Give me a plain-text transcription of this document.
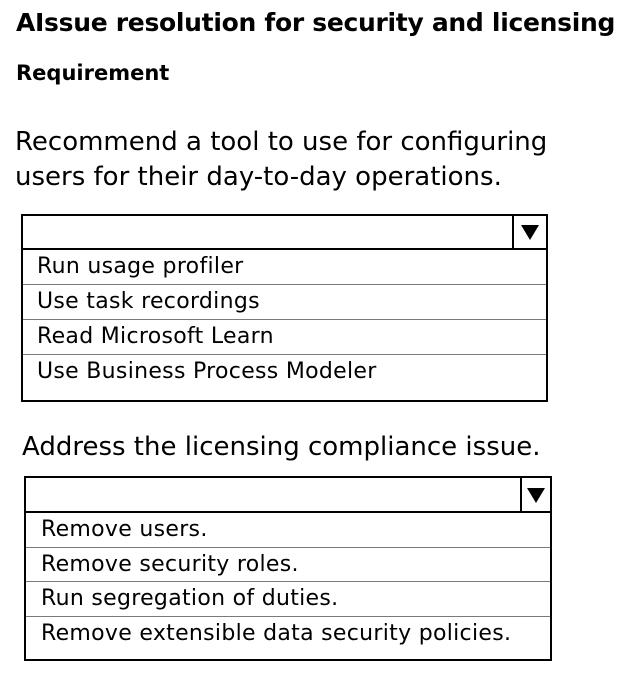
AIssue resolution for security and licensing
Requirement
Recommend a tool to use for configuring
users for their day-to-day operations.
Run usage profiler
Use task recordings
Read Microsoft Learn
Use Business Process Modeler
Address the licensing compliance issue.
Remove users.
Remove security roles.
Run segregation of duties.
Remove extensible data security policies.
